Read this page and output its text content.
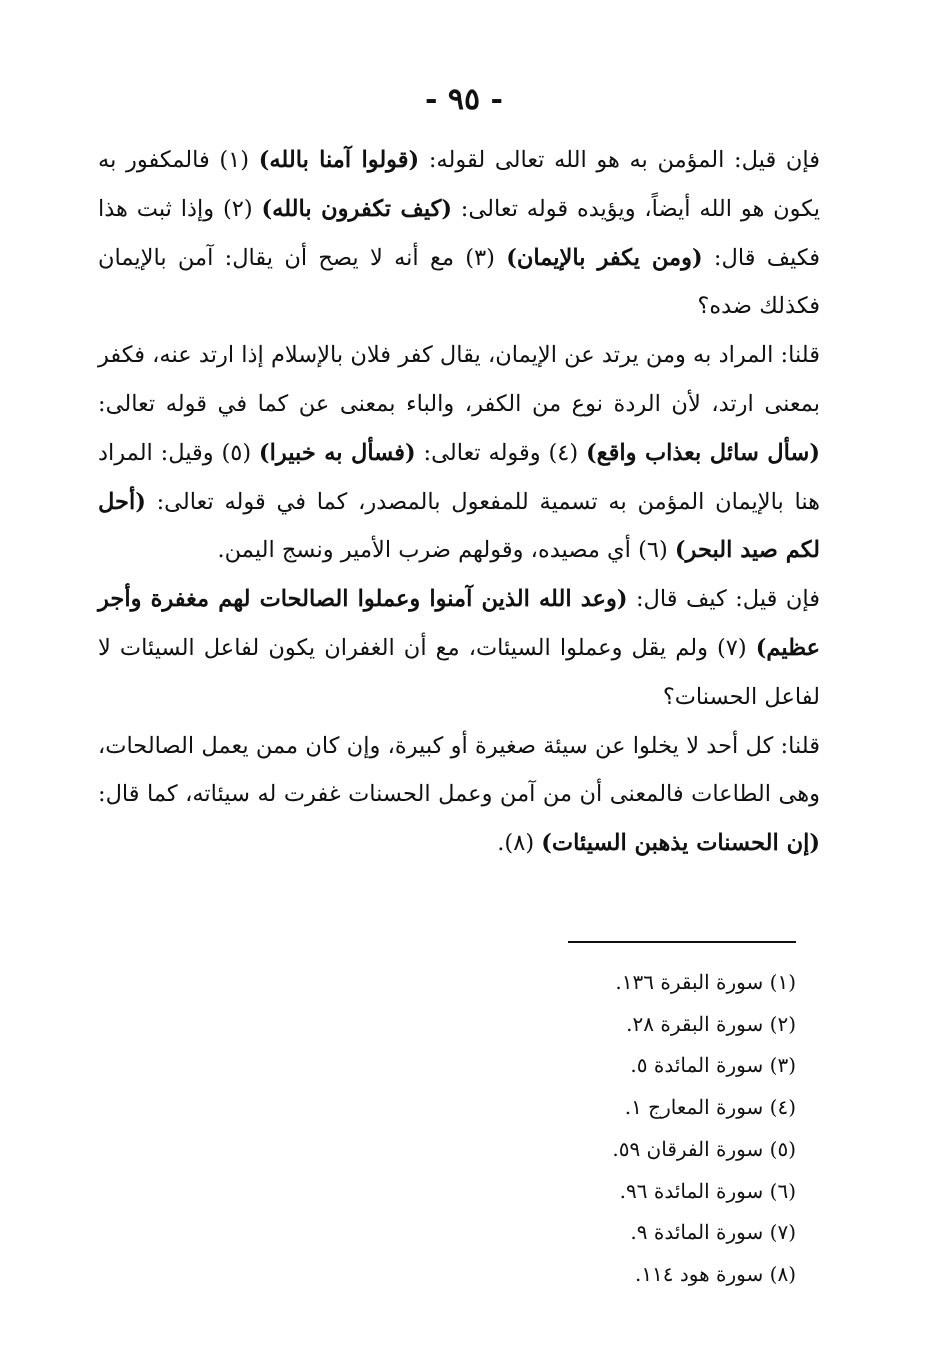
- ٩٥ -

فإن قيل: المؤمن به هو الله تعالى لقوله: (قولوا آمنا بالله) (١) فالمكفور به يكون هو الله أيضاً، ويؤيده قوله تعالى: (كيف تكفرون بالله) (٢) وإذا ثبت هذا فكيف قال: (ومن يكفر بالإيمان) (٣) مع أنه لا يصح أن يقال: آمن بالإيمان فكذلك ضده؟

قلنا: المراد به ومن يرتد عن الإيمان، يقال كفر فلان بالإسلام إذا ارتد عنه، فكفر بمعنى ارتد، لأن الردة نوع من الكفر، والباء بمعنى عن كما في قوله تعالى: (سأل سائل بعذاب واقع) (٤) وقوله تعالى: (فسأل به خبيرا) (٥) وقيل: المراد هنا بالإيمان المؤمن به تسمية للمفعول بالمصدر، كما في قوله تعالى: (أحل لكم صيد البحر) (٦) أي مصيده، وقولهم ضرب الأمير ونسج اليمن.

فإن قيل: كيف قال: (وعد الله الذين آمنوا وعملوا الصالحات لهم مغفرة وأجر عظيم) (٧) ولم يقل وعملوا السيئات، مع أن الغفران يكون لفاعل السيئات لا لفاعل الحسنات؟

قلنا: كل أحد لا يخلوا عن سيئة صغيرة أو كبيرة، وإن كان ممن يعمل الصالحات، وهى الطاعات فالمعنى أن من آمن وعمل الحسنات غفرت له سيئاته، كما قال: (إن الحسنات يذهبن السيئات) (٨).

(١) سورة البقرة ١٣٦.
(٢) سورة البقرة ٢٨.
(٣) سورة المائدة ٥.
(٤) سورة المعارج ١.
(٥) سورة الفرقان ٥٩.
(٦) سورة المائدة ٩٦.
(٧) سورة المائدة ٩.
(٨) سورة هود ١١٤.
